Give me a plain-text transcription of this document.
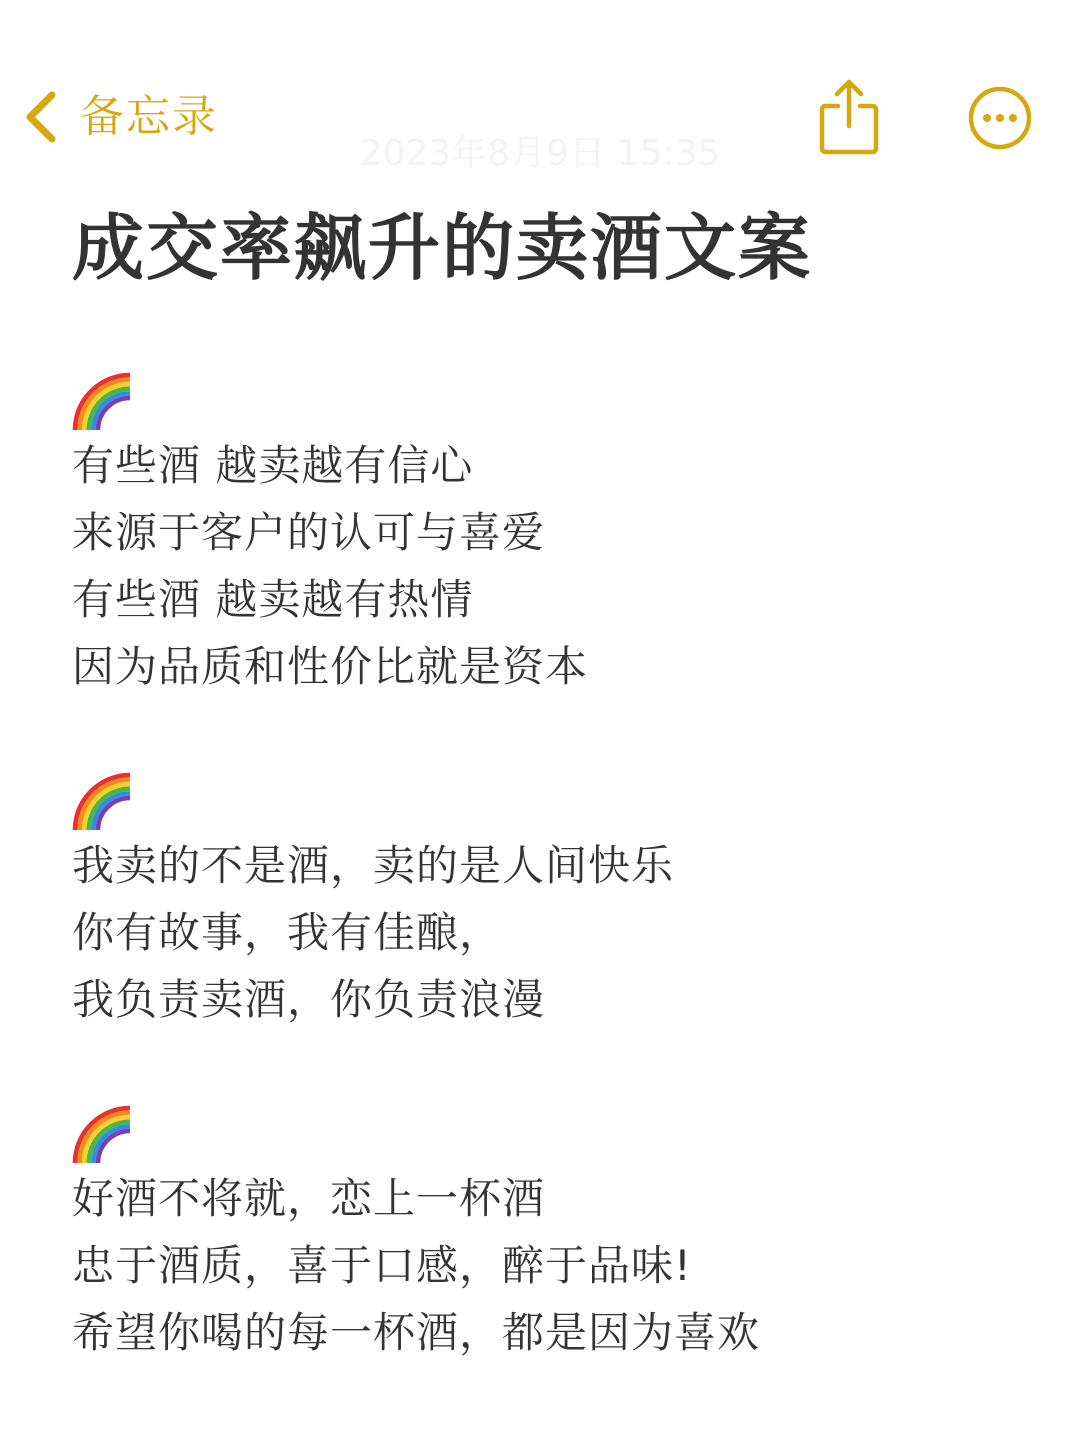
备忘录
2023年8月9日 15:35
成交率飙升的卖酒文案
有些酒 越卖越有信心
来源于客户的认可与喜爱
有些酒 越卖越有热情
因为品质和性价比就是资本
我卖的不是酒，卖的是人间快乐
你有故事，我有佳酿，
我负责卖酒，你负责浪漫
好酒不将就，恋上一杯酒
忠于酒质，喜于口感，醉于品味!
希望你喝的每一杯酒，都是因为喜欢
